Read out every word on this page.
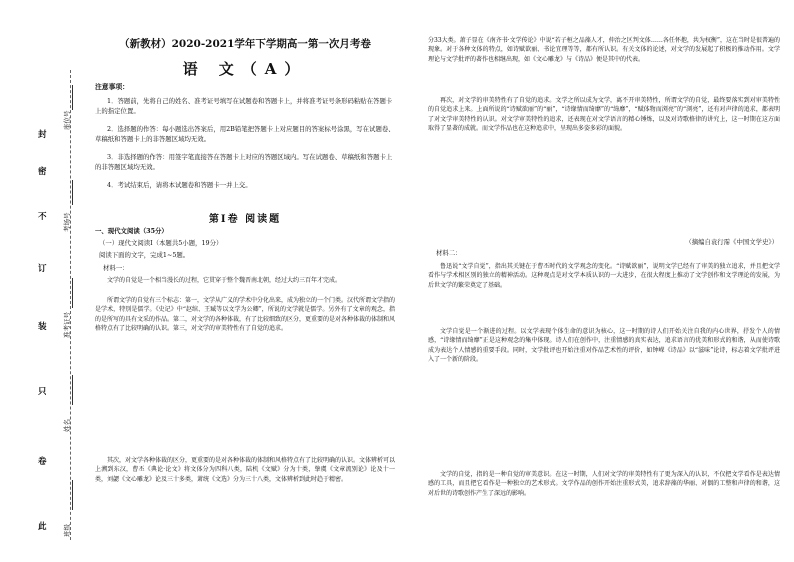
此
卷
只
装
订
不
密
封
班级
姓名
准考证号
考场号
座位号
（新教材）2020-2021学年下学期高一第一次月考卷
语 文（A）
注意事项：
1．答题前，先将自己的姓名、准考证号填写在试题卷和答题卡上，并将准考证号条形码粘贴在答题卡上的指定位置。
2．选择题的作答：每小题选出答案后，用2B铅笔把答题卡上对应题目的答案标号涂黑，写在试题卷、草稿纸和答题卡上的非答题区域均无效。
3．非选择题的作答：用签字笔直接答在答题卡上对应的答题区域内。写在试题卷、草稿纸和答题卡上的非答题区域均无效。
4．考试结束后，请将本试题卷和答题卡一并上交。
第Ⅰ卷 阅读题
一、现代文阅读（35分）
（一）现代文阅读Ⅰ（本题共5小题，19分）
阅读下面的文字，完成1~5题。
材料一：
文学的自觉是一个相当漫长的过程，它贯穿于整个魏晋南北朝，经过大约三百年才完成。
所谓文学的自觉有三个标志：第一，文学从广义的学术中分化出来，成为独立的一个门类。汉代所谓文学指的是学术，特别是儒学。《史记》中“赵绾、王臧等以文学为公卿”，所说的文学就是儒学。另外有了文章的观念，指的是所写的具有文采的作品。第二，对文学的各种体裁，有了比较细致的区分，更重要的是对各种体裁的体制和风格特点有了比较明确的认识。第三，对文学的审美特性有了自觉的追求。
其次，对文学各种体裁的区分，更重要的是对各种体裁的体制和风格特点有了比较明确的认识。文体辨析可以上溯到东汉，曹丕《典论·论文》将文体分为四科八类，陆机《文赋》分为十类，挚虞《文章流别论》论及十一类，刘勰《文心雕龙》论及三十多类，萧统《文选》分为三十八类，文体辨析到此时趋于精密。
分33大类。萧子显在《南齐书·文学传论》中说“若子桓之品藻人才，仲治之区判文体……各任怀抱，共为权衡”，这在当时是很普遍的现象。对于各种文体的特点，如诗赋欲丽、书论宜理等等，都有所认识。有关文体的论述，对文学的发展起了积极的推动作用。文学理论与文学批评的著作也相继出现，如《文心雕龙》与《诗品》便是其中的代表。
再次，对文学的审美特性有了自觉的追求。文学之所以成为文学，离不开审美特性，所谓文学的自觉，最终要落实到对审美特性的自觉追求上来。上面所说的“诗赋欲丽”的“丽”，“诗缘情而绮靡”的“绮靡”，“赋体物而浏亮”的“浏亮”，还有对声律的追求，都表明了对文学审美特性的认识。对文学审美特性的追求，还表现在对文学语言的精心锤炼，以及对诗歌格律的讲究上，这一时期在这方面取得了显著的成就。而文学作品也在这种追求中，呈现出多姿多彩的面貌。
（摘编自袁行霈《中国文学史》）
材料二：
鲁迅说“文学自觉”，指出其关键在于曹丕时代的文学观念的变化。“诗赋欲丽”，说明文学已经有了审美的独立追求，并且把文学看作与学术相区别的独立的精神活动。这种观点是对文学本质认识的一大进步，在很大程度上推动了文学创作和文学理论的发展，为后世文学的繁荣奠定了基础。
文学自觉是一个渐进的过程。以文学表现个体生命的意识为核心，这一时期的诗人们开始关注自我的内心世界，抒发个人的情感，“诗缘情而绮靡”正是这种观念的集中体现。诗人们在创作中，注重情感的真实表达，追求语言的优美和形式的和谐，从而使诗歌成为表达个人情感的重要手段。同时，文学批评也开始注重对作品艺术性的评价，如钟嵘《诗品》以“滋味”论诗，标志着文学批评进入了一个新的阶段。
文学的自觉，指的是一种自觉的审美意识。在这一时期，人们对文学的审美特性有了更为深入的认识，不仅把文学看作是表达情感的工具，而且把它看作是一种独立的艺术形式。文学作品的创作开始注重形式美，追求辞藻的华丽、对偶的工整和声律的和谐，这对后世的诗歌创作产生了深远的影响。
